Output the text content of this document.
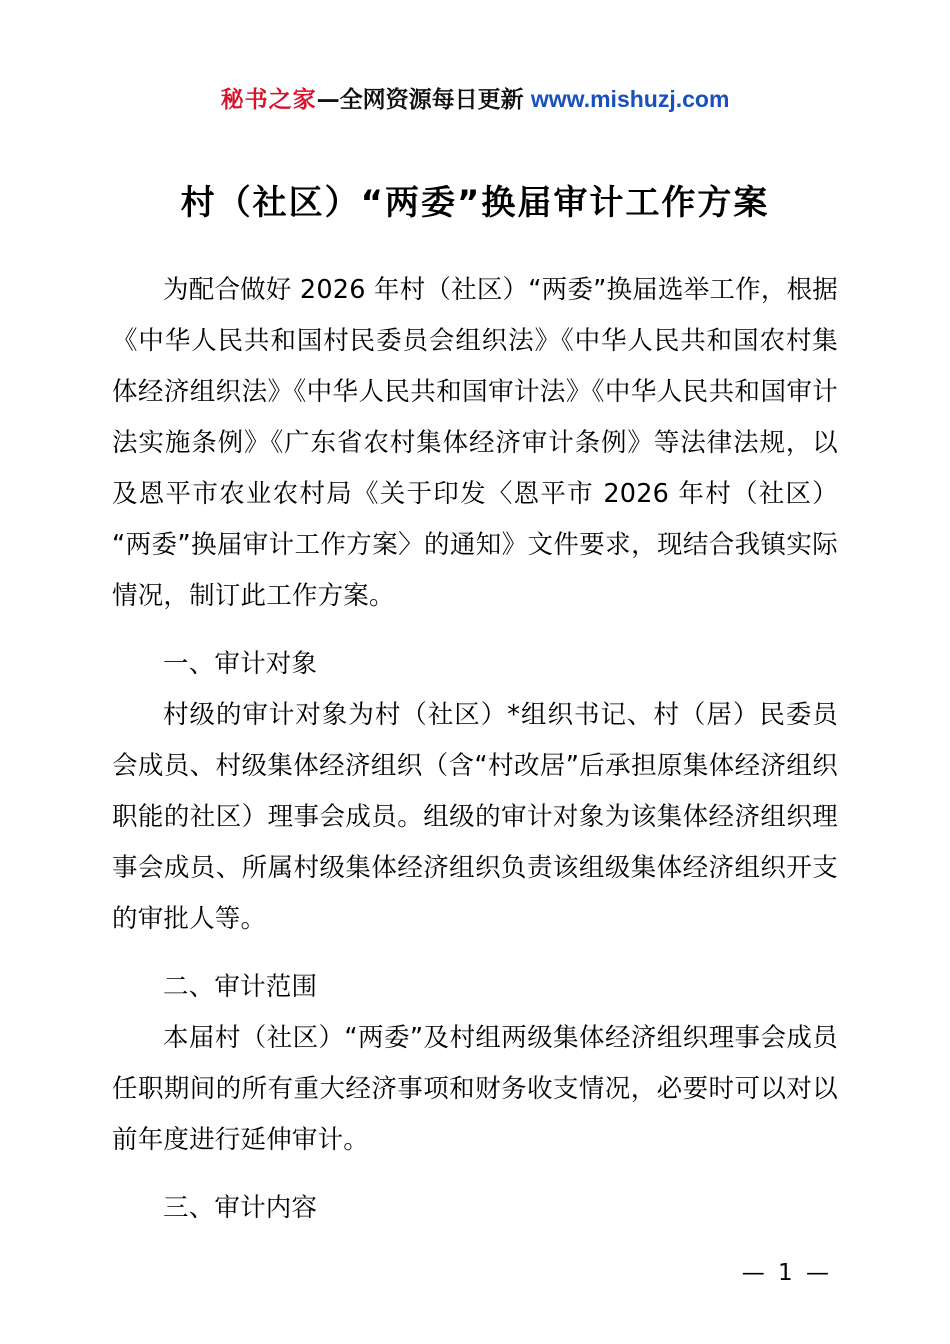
秘书之家—全网资源每日更新 www.mishuzj.com
村（社区）“两委”换届审计工作方案

为配合做好 2026 年村（社区）“两委”换届选举工作，根据《中华人民共和国村民委员会组织法》《中华人民共和国农村集体经济组织法》《中华人民共和国审计法》《中华人民共和国审计法实施条例》《广东省农村集体经济审计条例》等法律法规，以及恩平市农业农村局《关于印发〈恩平市 2026 年村（社区）“两委”换届审计工作方案〉的通知》文件要求，现结合我镇实际情况，制订此工作方案。

一、审计对象

村级的审计对象为村（社区）*组织书记、村（居）民委员会成员、村级集体经济组织（含“村改居”后承担原集体经济组织职能的社区）理事会成员。组级的审计对象为该集体经济组织理事会成员、所属村级集体经济组织负责该组级集体经济组织开支的审批人等。

二、审计范围

本届村（社区）“两委”及村组两级集体经济组织理事会成员任职期间的所有重大经济事项和财务收支情况，必要时可以对以前年度进行延伸审计。

三、审计内容

— 1 —
